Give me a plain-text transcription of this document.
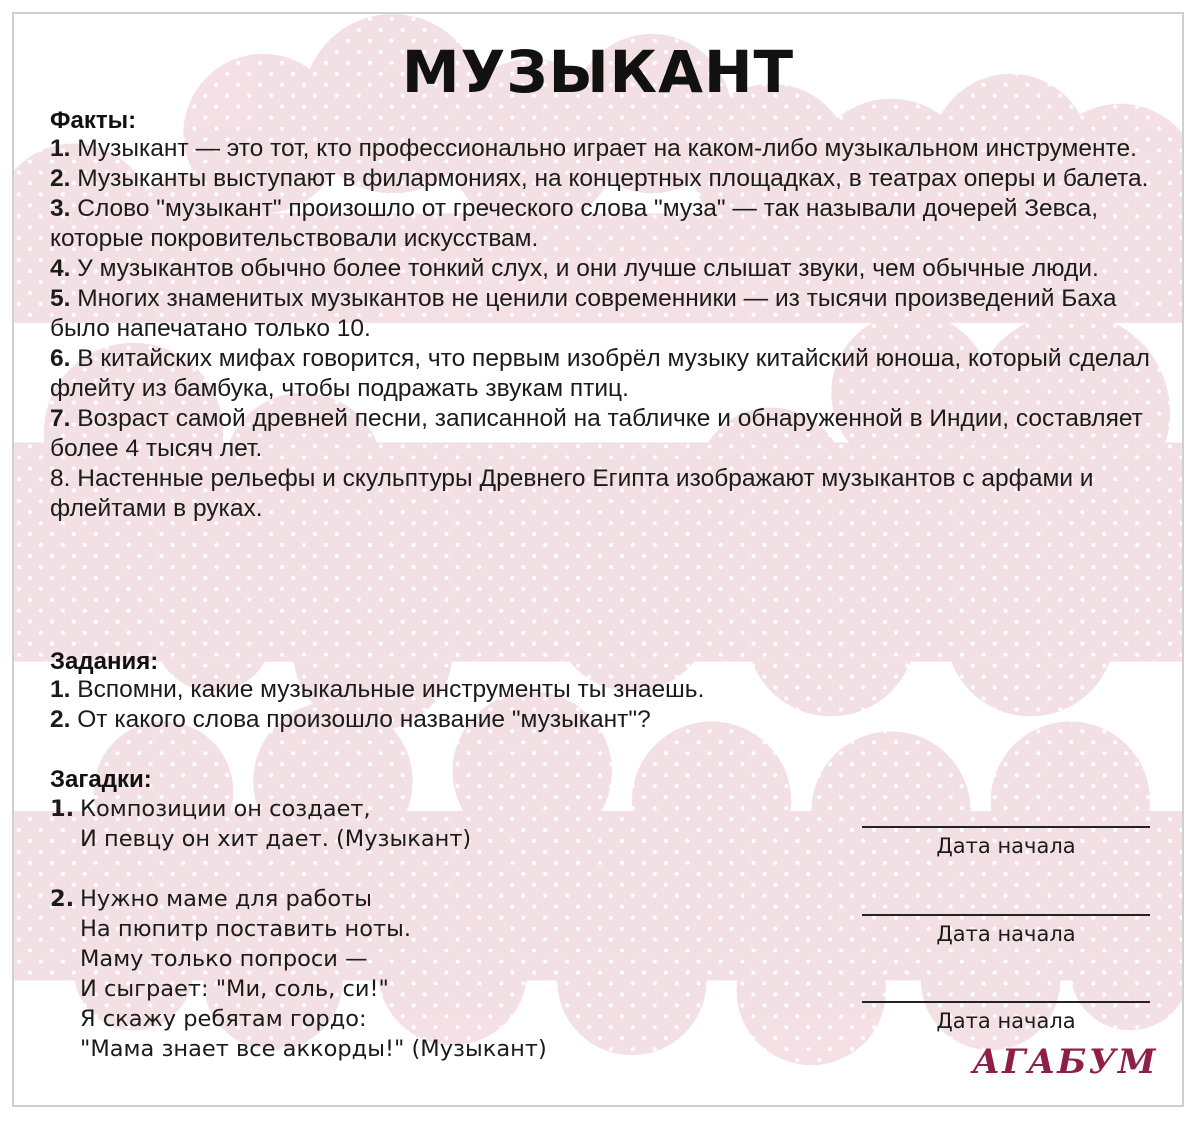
МУЗЫКАНТ
Факты:

1. Музыкант — это тот, кто профессионально играет на каком-либо музыкальном инструменте.

2. Музыканты выступают в филармониях, на концертных площадках, в театрах оперы и балета.

3. Слово "музыкант" произошло от греческого слова "муза" — так называли дочерей Зевса, которые покровительствовали искусствам.

4. У музыкантов обычно более тонкий слух, и они лучше слышат звуки, чем обычные люди.

5. Многих знаменитых музыкантов не ценили современники — из тысячи произведений Баха было напечатано только 10.

6. В китайских мифах говорится, что первым изобрёл музыку китайский юноша, который сделал флейту из бамбука, чтобы подражать звукам птиц.

7. Возраст самой древней песни, записанной на табличке и обнаруженной в Индии, составляет более 4 тысяч лет.

8. Настенные рельефы и скульптуры Древнего Египта изображают музыкантов с арфами и флейтами в руках.

Задания:

1. Вспомни, какие музыкальные инструменты ты знаешь.

2. От какого слова произошло название "музыкант"?

Загадки:
1. Композиции он создает,
И певцу он хит дает. (Музыкант)
2. Нужно маме для работы
На пюпитр поставить ноты.
Маму только попроси —
И сыграет: "Ми, соль, си!"
Я скажу ребятам гордо:
"Мама знает все аккорды!" (Музыкант)
Дата начала
Дата начала
Дата начала
АГАБУМ
